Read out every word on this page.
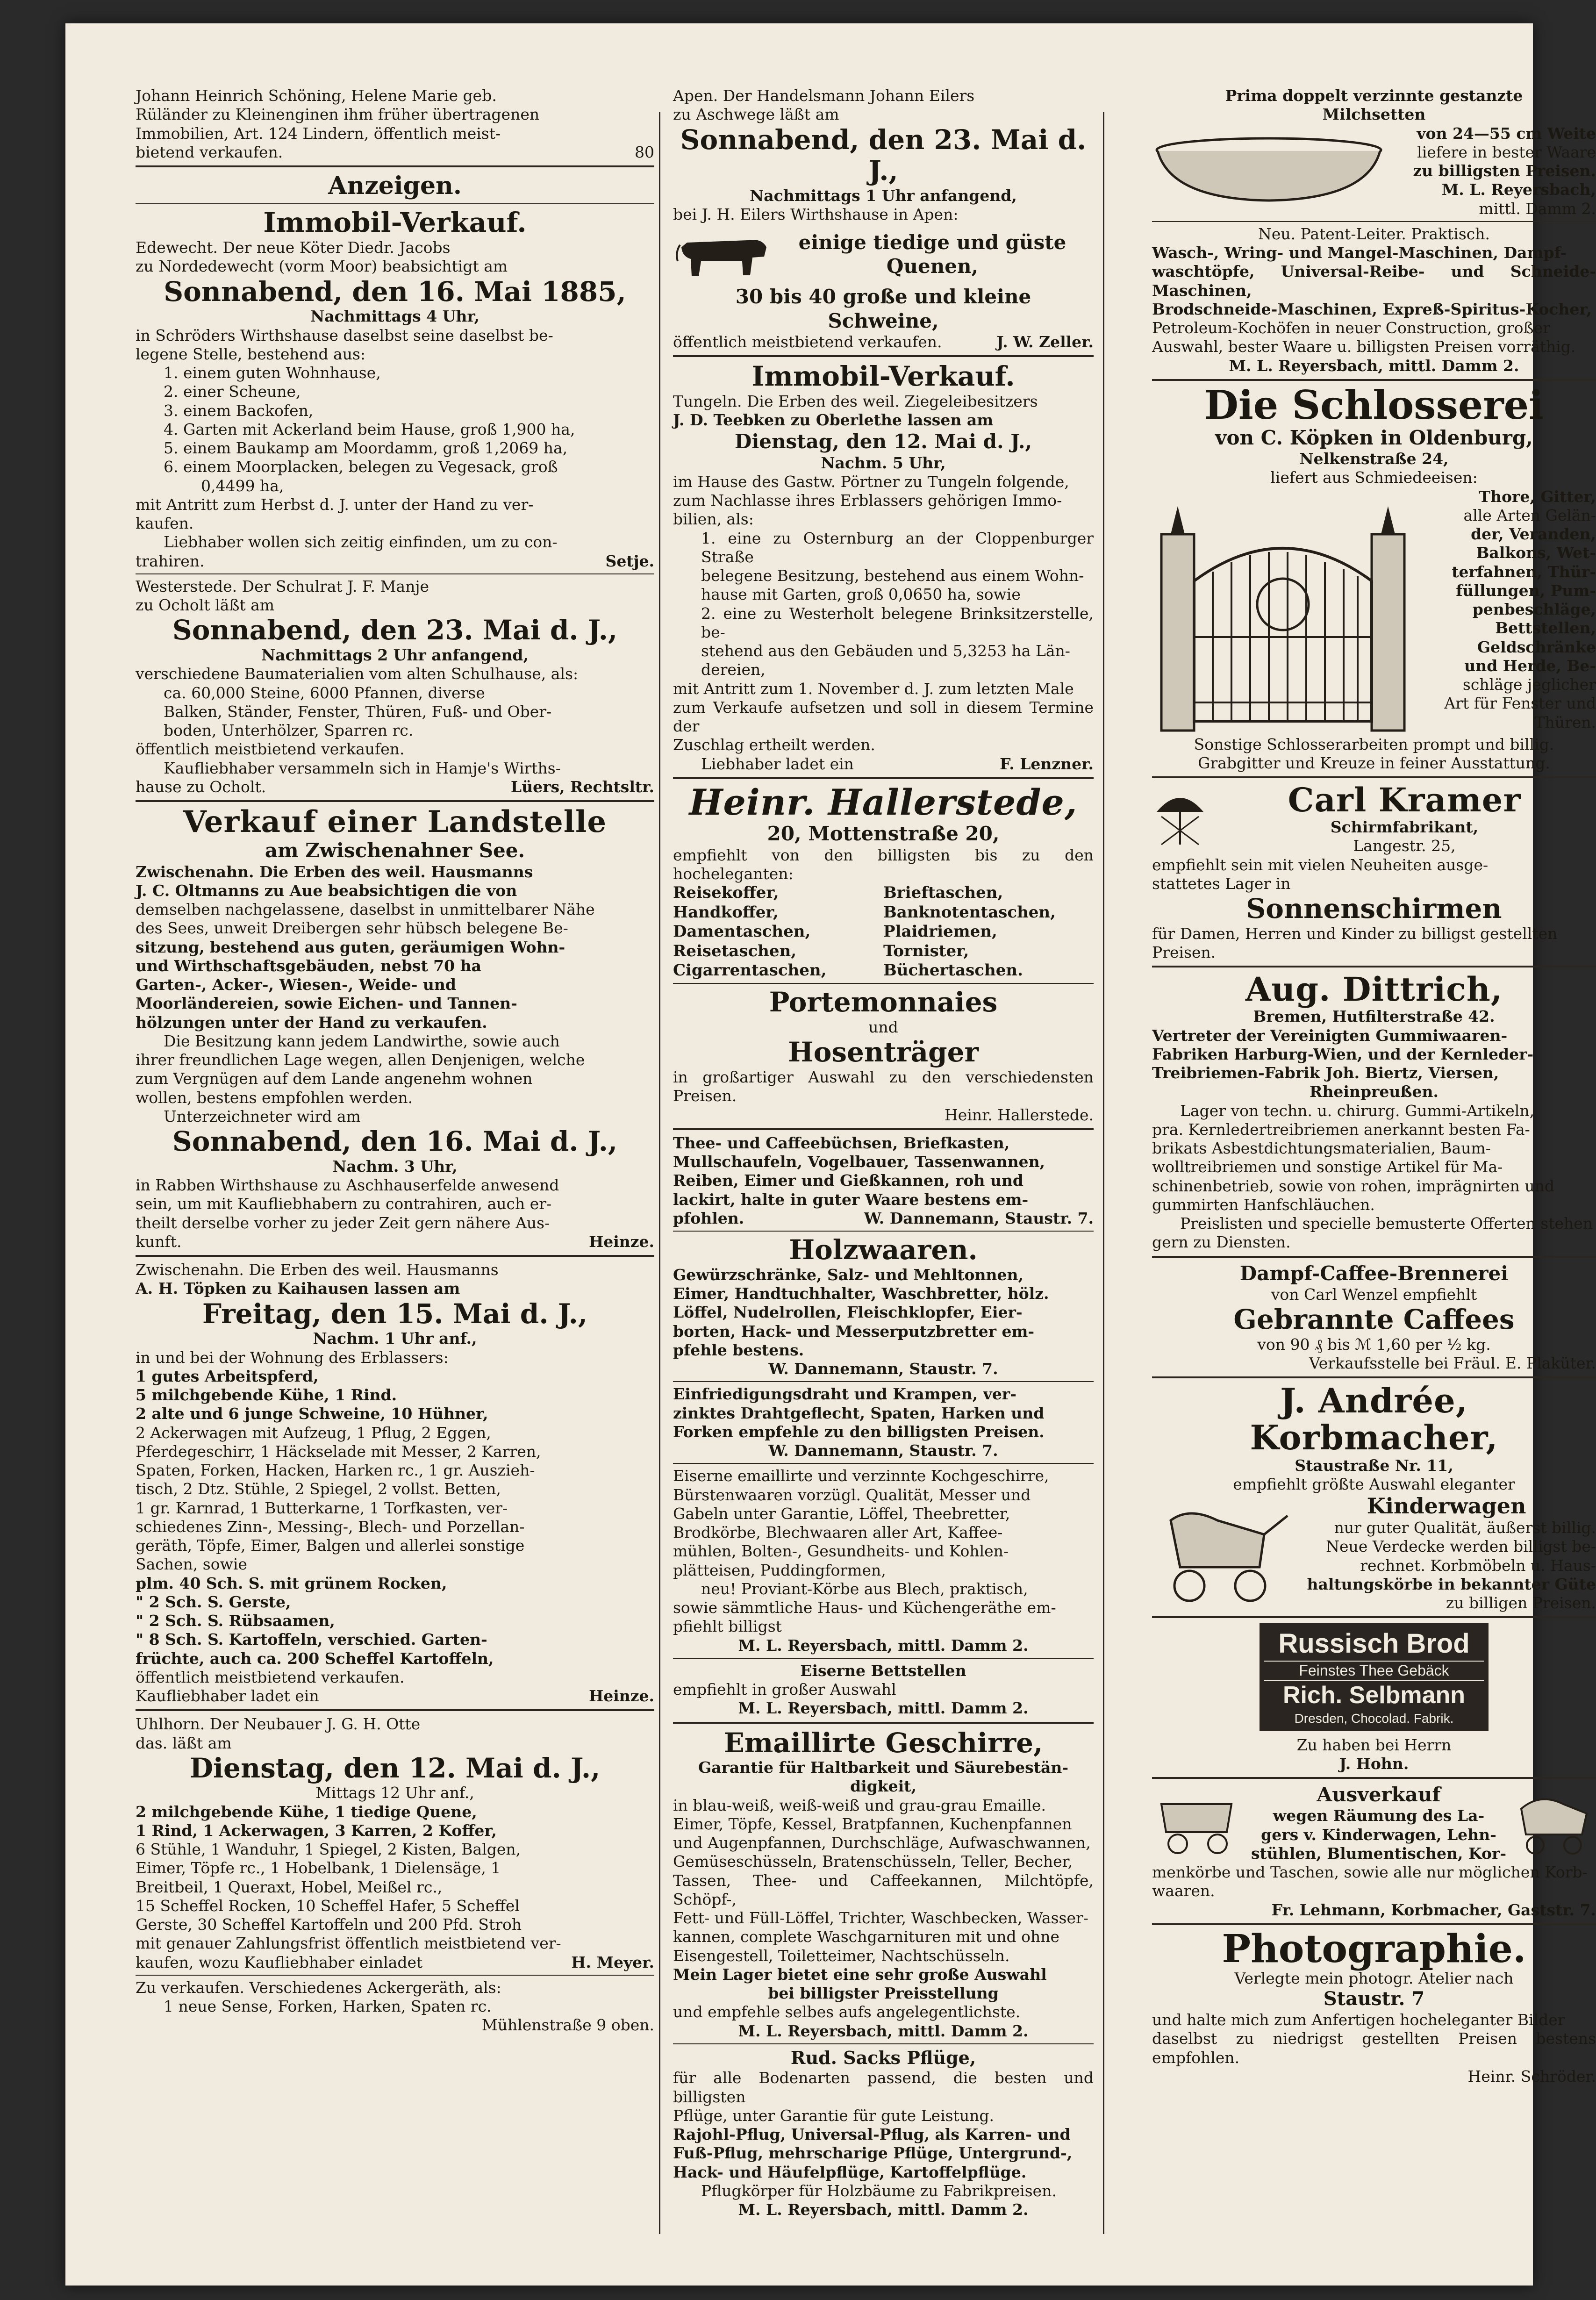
Johann Heinrich Schöning, Helene Marie geb.

Rüländer zu Kleinenginen ihm früher übertragenen

Immobilien, Art. 124 Lindern, öffentlich meist-

bietend verkaufen.	80
Anzeigen.
Immobil-Verkauf.

Edewecht. Der neue Köter Diedr. Jacobs

zu Nordedewecht (vorm Moor) beabsichtigt am

Sonnabend, den 16. Mai 1885,
Nachmittags 4 Uhr,

in Schröders Wirthshause daselbst seine daselbst be-

legene Stelle, bestehend aus:

1. einem guten Wohnhause,

2. einer Scheune,

3. einem Backofen,

4. Garten mit Ackerland beim Hause, groß 1,900 ha,

5. einem Baukamp am Moordamm, groß 1,2069 ha,

6. einem Moorplacken, belegen zu Vegesack, groß

0,4499 ha,

mit Antritt zum Herbst d. J. unter der Hand zu ver-

kaufen.

Liebhaber wollen sich zeitig einfinden, um zu con-

trahiren.	Setje.

Westerstede. Der Schulrat J. F. Manje

zu Ocholt läßt am

Sonnabend, den 23. Mai d. J.,
Nachmittags 2 Uhr anfangend,

verschiedene Baumaterialien vom alten Schulhause, als:

ca. 60,000 Steine, 6000 Pfannen, diverse

Balken, Ständer, Fenster, Thüren, Fuß- und Ober-

boden, Unterhölzer, Sparren rc.

öffentlich meistbietend verkaufen.

Kaufliebhaber versammeln sich in Hamje's Wirths-

hause zu Ocholt.	Lüers, Rechtsltr.
Verkauf einer Landstelle
am Zwischenahner See.

Zwischenahn. Die Erben des weil. Hausmanns

J. C. Oltmanns zu Aue beabsichtigen die von

demselben nachgelassene, daselbst in unmittelbarer Nähe

des Sees, unweit Dreibergen sehr hübsch belegene Be-

sitzung, bestehend aus guten, geräumigen Wohn-

und Wirthschaftsgebäuden, nebst 70 ha

Garten-, Acker-, Wiesen-, Weide- und

Moorländereien, sowie Eichen- und Tannen-

hölzungen unter der Hand zu verkaufen.

Die Besitzung kann jedem Landwirthe, sowie auch

ihrer freundlichen Lage wegen, allen Denjenigen, welche

zum Vergnügen auf dem Lande angenehm wohnen

wollen, bestens empfohlen werden.

Unterzeichneter wird am

Sonnabend, den 16. Mai d. J.,
Nachm. 3 Uhr,

in Rabben Wirthshause zu Aschhauserfelde anwesend

sein, um mit Kaufliebhabern zu contrahiren, auch er-

theilt derselbe vorher zu jeder Zeit gern nähere Aus-

kunft.	Heinze.

Zwischenahn. Die Erben des weil. Hausmanns

A. H. Töpken zu Kaihausen lassen am

Freitag, den 15. Mai d. J.,
Nachm. 1 Uhr anf.,

in und bei der Wohnung des Erblassers:

1 gutes Arbeitspferd,

5 milchgebende Kühe, 1 Rind.

2 alte und 6 junge Schweine, 10 Hühner,

2 Ackerwagen mit Aufzeug, 1 Pflug, 2 Eggen,

Pferdegeschirr, 1 Häckselade mit Messer, 2 Karren,

Spaten, Forken, Hacken, Harken rc., 1 gr. Auszieh-

tisch, 2 Dtz. Stühle, 2 Spiegel, 2 vollst. Betten,

1 gr. Karnrad, 1 Butterkarne, 1 Torfkasten, ver-

schiedenes Zinn-, Messing-, Blech- und Porzellan-

geräth, Töpfe, Eimer, Balgen und allerlei sonstige

Sachen, sowie

plm. 40 Sch. S. mit grünem Rocken,

" 2 Sch. S. Gerste,

" 2 Sch. S. Rübsaamen,

" 8 Sch. S. Kartoffeln, verschied. Garten-

früchte, auch ca. 200 Scheffel Kartoffeln,

öffentlich meistbietend verkaufen.

Kaufliebhaber ladet ein	Heinze.

Uhlhorn. Der Neubauer J. G. H. Otte

das. läßt am

Dienstag, den 12. Mai d. J.,
Mittags 12 Uhr anf.,

2 milchgebende Kühe, 1 tiedige Quene,

1 Rind, 1 Ackerwagen, 3 Karren, 2 Koffer,

6 Stühle, 1 Wanduhr, 1 Spiegel, 2 Kisten, Balgen,

Eimer, Töpfe rc., 1 Hobelbank, 1 Dielensäge, 1

Breitbeil, 1 Queraxt, Hobel, Meißel rc.,

15 Scheffel Rocken, 10 Scheffel Hafer, 5 Scheffel

Gerste, 30 Scheffel Kartoffeln und 200 Pfd. Stroh

mit genauer Zahlungsfrist öffentlich meistbietend ver-

kaufen, wozu Kaufliebhaber einladet	H. Meyer.

Zu verkaufen. Verschiedenes Ackergeräth, als:

1 neue Sense, Forken, Harken, Spaten rc.

Mühlenstraße 9 oben.

Apen. Der Handelsmann Johann Eilers

zu Aschwege läßt am

Sonnabend, den 23. Mai d. J.,
Nachmittags 1 Uhr anfangend,

bei J. H. Eilers Wirthshause in Apen:

einige tiedige und güste
Quenen,
30 bis 40 große und kleine
Schweine,
öffentlich meistbietend verkaufen.	J. W. Zeller.
Immobil-Verkauf.

Tungeln. Die Erben des weil. Ziegeleibesitzers

J. D. Teebken zu Oberlethe lassen am

Dienstag, den 12. Mai d. J.,
Nachm. 5 Uhr,

im Hause des Gastw. Pörtner zu Tungeln folgende,

zum Nachlasse ihres Erblassers gehörigen Immo-

bilien, als:

1. eine zu Osternburg an der Cloppenburger Straße

belegene Besitzung, bestehend aus einem Wohn-

hause mit Garten, groß 0,0650 ha, sowie

2. eine zu Westerholt belegene Brinksitzerstelle, be-

stehend aus den Gebäuden und 5,3253 ha Län-

dereien,

mit Antritt zum 1. November d. J. zum letzten Male

zum Verkaufe aufsetzen und soll in diesem Termine der

Zuschlag ertheilt werden.

Liebhaber ladet ein	F. Lenzner.
Heinr. Hallerstede,
20, Mottenstraße 20,

empfiehlt von den billigsten bis zu den hocheleganten:

Reisekoffer,	Brieftaschen,
Handkoffer,	Banknotentaschen,
Damentaschen,	Plaidriemen,
Reisetaschen,	Tornister,
Cigarrentaschen,	Büchertaschen.
Portemonnaies
und
Hosenträger

in großartiger Auswahl zu den verschiedensten Preisen.

Heinr. Hallerstede.

Thee- und Caffeebüchsen, Briefkasten,

Mullschaufeln, Vogelbauer, Tassenwannen,

Reiben, Eimer und Gießkannen, roh und

lackirt, halte in guter Waare bestens em-

pfohlen.	W. Dannemann, Staustr. 7.
Holzwaaren.

Gewürzschränke, Salz- und Mehltonnen,

Eimer, Handtuchhalter, Waschbretter, hölz.

Löffel, Nudelrollen, Fleischklopfer, Eier-

borten, Hack- und Messerputzbretter em-

pfehle bestens.

W. Dannemann, Staustr. 7.

Einfriedigungsdraht und Krampen, ver-

zinktes Drahtgeflecht, Spaten, Harken und

Forken empfehle zu den billigsten Preisen.

W. Dannemann, Staustr. 7.

Eiserne emaillirte und verzinnte Kochgeschirre,

Bürstenwaaren vorzügl. Qualität, Messer und

Gabeln unter Garantie, Löffel, Theebretter,

Brodkörbe, Blechwaaren aller Art, Kaffee-

mühlen, Bolten-, Gesundheits- und Kohlen-

plätteisen, Puddingformen,

neu! Proviant-Körbe aus Blech, praktisch,

sowie sämmtliche Haus- und Küchengeräthe em-

pfiehlt billigst

M. L. Reyersbach, mittl. Damm 2.
Eiserne Bettstellen

empfiehlt in großer Auswahl

M. L. Reyersbach, mittl. Damm 2.
Emaillirte Geschirre,
Garantie für Haltbarkeit und Säurebestän-
digkeit,

in blau-weiß, weiß-weiß und grau-grau Emaille.

Eimer, Töpfe, Kessel, Bratpfannen, Kuchenpfannen

und Augenpfannen, Durchschläge, Aufwaschwannen,

Gemüseschüsseln, Bratenschüsseln, Teller, Becher,

Tassen, Thee- und Caffeekannen, Milchtöpfe, Schöpf-,

Fett- und Füll-Löffel, Trichter, Waschbecken, Wasser-

kannen, complete Waschgarnituren mit und ohne

Eisengestell, Toiletteimer, Nachtschüsseln.

Mein Lager bietet eine sehr große Auswahl

bei billigster Preisstellung

und empfehle selbes aufs angelegentlichste.

M. L. Reyersbach, mittl. Damm 2.
Rud. Sacks Pflüge,

für alle Bodenarten passend, die besten und billigsten

Pflüge, unter Garantie für gute Leistung.

Rajohl-Pflug, Universal-Pflug, als Karren- und

Fuß-Pflug, mehrscharige Pflüge, Untergrund-,

Hack- und Häufelpflüge, Kartoffelpflüge.

Pflugkörper für Holzbäume zu Fabrikpreisen.

M. L. Reyersbach, mittl. Damm 2.
Prima doppelt verzinnte gestanzte
Milchsetten
von 24—55 cm Weite
liefere in bester Waare
zu billigsten Preisen.
M. L. Reyersbach,
mittl. Damm 2.
Neu. Patent-Leiter. Praktisch.

Wasch-, Wring- und Mangel-Maschinen, Dampf-

waschtöpfe, Universal-Reibe- und Schneide-Maschinen,

Brodschneide-Maschinen, Expreß-Spiritus-Kocher,

Petroleum-Kochöfen in neuer Construction, großer

Auswahl, bester Waare u. billigsten Preisen vorräthig.

M. L. Reyersbach, mittl. Damm 2.
Die Schlosserei
von C. Köpken in Oldenburg,
Nelkenstraße 24,
liefert aus Schmiedeeisen:
Thore, Gitter,
alle Arten Gelän-
der, Veranden,
Balkons, Wet-
terfahnen, Thür-
füllungen, Pum-
penbeschläge,
Bettstellen,
Geldschränke
und Herde, Be-
schläge jeglicher
Art für Fenster und
Thüren.
Sonstige Schlosserarbeiten prompt und billig.
Grabgitter und Kreuze in feiner Ausstattung.
Carl Kramer
Schirmfabrikant,
Langestr. 25,

empfiehlt sein mit vielen Neuheiten ausge-

stattetes Lager in

Sonnenschirmen

für Damen, Herren und Kinder zu billigst gestellten

Preisen.

Aug. Dittrich,
Bremen, Hutfilterstraße 42.

Vertreter der Vereinigten Gummiwaaren-

Fabriken Harburg-Wien, und der Kernleder-

Treibriemen-Fabrik Joh. Biertz, Viersen,

Rheinpreußen.

Lager von techn. u. chirurg. Gummi-Artikeln,

pra. Kernledertreibriemen anerkannt besten Fa-

brikats Asbestdichtungsmaterialien, Baum-

wolltreibriemen und sonstige Artikel für Ma-

schinenbetrieb, sowie von rohen, imprägnirten und

gummirten Hanfschläuchen.

Preislisten und specielle bemusterte Offerten stehen

gern zu Diensten.

Dampf-Caffee-Brennerei
von Carl Wenzel empfiehlt
Gebrannte Caffees
von 90 ₰ bis ℳ 1,60 per ½ kg.
Verkaufsstelle bei Fräul. E. Plaküter.
J. Andrée, Korbmacher,
Staustraße Nr. 11,
empfiehlt größte Auswahl eleganter
Kinderwagen
nur guter Qualität, äußerst billig.
Neue Verdecke werden billigst be-
rechnet. Korbmöbeln u. Haus-
haltungskörbe in bekannter Güte
zu billigen Preisen.
Russisch Brod
Feinstes Thee Gebäck
Rich. Selbmann
Dresden, Chocolad. Fabrik.
Zu haben bei Herrn
J. Hohn.
Ausverkauf
wegen Räumung des La-
gers v. Kinderwagen, Lehn-
stühlen, Blumentischen, Kor-

menkörbe und Taschen, sowie alle nur möglichen Korb-

waaren.

Fr. Lehmann, Korbmacher, Gaststr. 7.
Photographie.
Verlegte mein photogr. Atelier nach
Staustr. 7

und halte mich zum Anfertigen hocheleganter Bilder

daselbst zu niedrigst gestellten Preisen bestens empfohlen.

Heinr. Schröder.
